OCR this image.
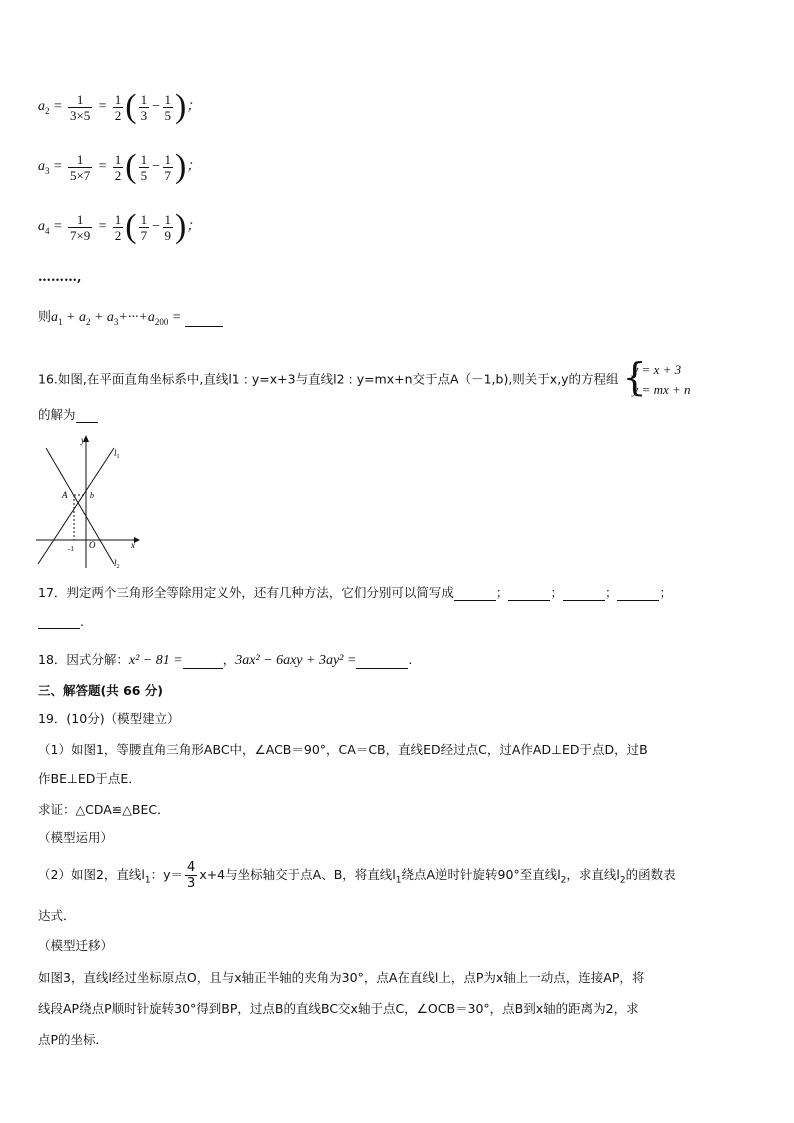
$a_2 = \frac{1}{3\times 5} = \frac{1}{2}$ ( $\frac{1}{3} - \frac{1}{5}$ )；
$a_3 = \frac{1}{5\times 7} = \frac{1}{2}$ ( $\frac{1}{5} - \frac{1}{7}$ )；
$a_4 = \frac{1}{7\times 9} = \frac{1}{2}$ ( $\frac{1}{7} - \frac{1}{9}$ )；
………,
则$a_1 + a_2 + a_3+\cdot\cdot\cdot+a_{200}$ =
16.如图,在平面直角坐标系中,直线l1 : y=x+3与直线l2 : y=mx+n交于点A（－1,b),则关于x,y的方程组 {
y = x + 3
y = mx + n
的解为
y
x
O
$l_1$
$l_2$
A	b
-1
17．判定两个三角形全等除用定义外，还有几种方法，它们分别可以简写成	；	；	；	；
.
18．因式分解：x² − 81 =	，3ax² − 6axy + 3ay² =	.
三、解答题(共 66 分)
19．(10分)（模型建立）
（1）如图1，等腰直角三角形ABC中，∠ACB＝90°，CA＝CB，直线ED经过点C，过A作AD⊥ED于点D，过B
作BE⊥ED于点E．
求证：△CDA≌△BEC．
（模型运用）
（2）如图2，直线$l_1$：$y= \frac{4}{3} x+4$与坐标轴交于点A、B，将直线$l_1$绕点A逆时针旋转90°至直线$l_2$，求直线$l_2$的函数表
达式．
（模型迁移）
如图3，直线l经过坐标原点O，且与x轴正半轴的夹角为30°，点A在直线l上，点P为x轴上一动点，连接AP，将
线段AP绕点P顺时针旋转30°得到BP，过点B的直线BC交x轴于点C，∠OCB＝30°，点B到x轴的距离为2，求
点P的坐标．
